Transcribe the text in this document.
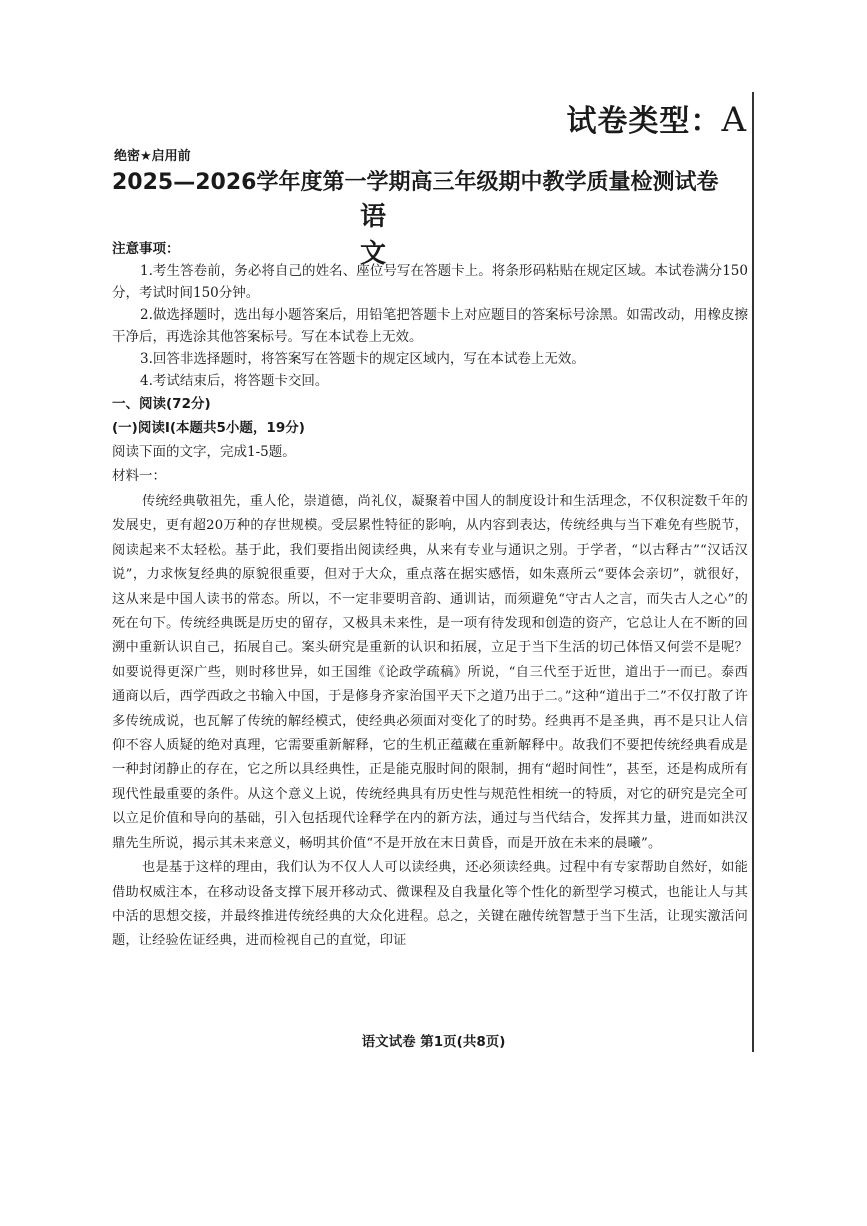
试卷类型：A
绝密★启用前
2025—2026学年度第一学期高三年级期中教学质量检测试卷
语文
注意事项：

1.考生答卷前，务必将自己的姓名、座位号写在答题卡上。将条形码粘贴在规定区域。本试卷满分150分，考试时间150分钟。

2.做选择题时，选出每小题答案后，用铅笔把答题卡上对应题目的答案标号涂黑。如需改动，用橡皮擦干净后，再选涂其他答案标号。写在本试卷上无效。

3.回答非选择题时，将答案写在答题卡的规定区域内，写在本试卷上无效。

4.考试结束后，将答题卡交回。

一、阅读(72分)
(一)阅读Ⅰ(本题共5小题，19分)
阅读下面的文字，完成1-5题。
材料一：

传统经典敬祖先，重人伦，崇道德，尚礼仪，凝聚着中国人的制度设计和生活理念，不仅积淀数千年的发展史，更有超20万种的存世规模。受层累性特征的影响，从内容到表达，传统经典与当下难免有些脱节，阅读起来不太轻松。基于此，我们要指出阅读经典，从来有专业与通识之别。于学者，“以古释古”“汉话汉说”，力求恢复经典的原貌很重要，但对于大众，重点落在据实感悟，如朱熹所云“要体会亲切”，就很好，这从来是中国人读书的常态。所以，不一定非要明音韵、通训诂，而须避免“守古人之言，而失古人之心”的死在句下。传统经典既是历史的留存，又极具未来性，是一项有待发现和创造的资产，它总让人在不断的回溯中重新认识自己，拓展自己。案头研究是重新的认识和拓展，立足于当下生活的切己体悟又何尝不是呢？如要说得更深广些，则时移世异，如王国维《论政学疏稿》所说，“自三代至于近世，道出于一而已。泰西通商以后，西学西政之书输入中国，于是修身齐家治国平天下之道乃出于二。”这种“道出于二”不仅打散了许多传统成说，也瓦解了传统的解经模式，使经典必须面对变化了的时势。经典再不是圣典，再不是只让人信仰不容人质疑的绝对真理，它需要重新解释，它的生机正蕴藏在重新解释中。故我们不要把传统经典看成是一种封闭静止的存在，它之所以具经典性，正是能克服时间的限制，拥有“超时间性”，甚至，还是构成所有现代性最重要的条件。从这个意义上说，传统经典具有历史性与规范性相统一的特质，对它的研究是完全可以立足价值和导向的基础，引入包括现代诠释学在内的新方法，通过与当代结合，发挥其力量，进而如洪汉鼎先生所说，揭示其未来意义，畅明其价值“不是开放在末日黄昏，而是开放在未来的晨曦”。

也是基于这样的理由，我们认为不仅人人可以读经典，还必须读经典。过程中有专家帮助自然好，如能借助权威注本，在移动设备支撑下展开移动式、微课程及自我量化等个性化的新型学习模式，也能让人与其中活的思想交接，并最终推进传统经典的大众化进程。总之，关键在融传统智慧于当下生活，让现实激活问题，让经验佐证经典，进而检视自己的直觉，印证

语文试卷 第1页(共8页)
